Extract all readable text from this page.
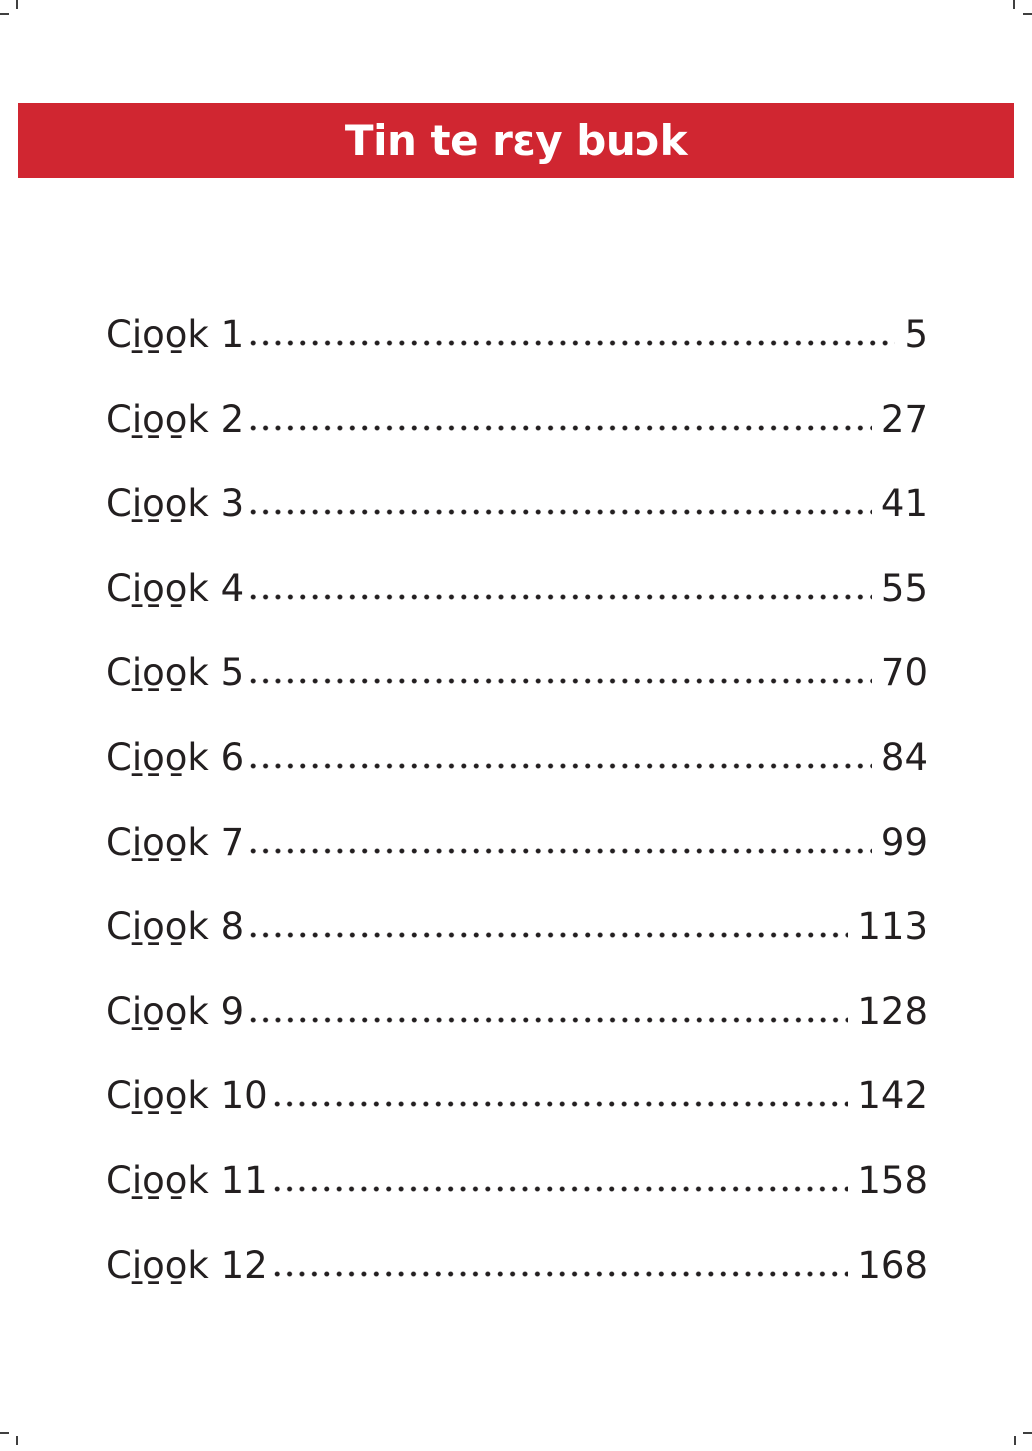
Tin te rɛy buɔk
Ci̱o̱o̱k 1	5
Ci̱o̱o̱k 2	27
Ci̱o̱o̱k 3	41
Ci̱o̱o̱k 4	55
Ci̱o̱o̱k 5	70
Ci̱o̱o̱k 6	84
Ci̱o̱o̱k 7	99
Ci̱o̱o̱k 8	113
Ci̱o̱o̱k 9	128
Ci̱o̱o̱k 10	142
Ci̱o̱o̱k 11	158
Ci̱o̱o̱k 12	168
